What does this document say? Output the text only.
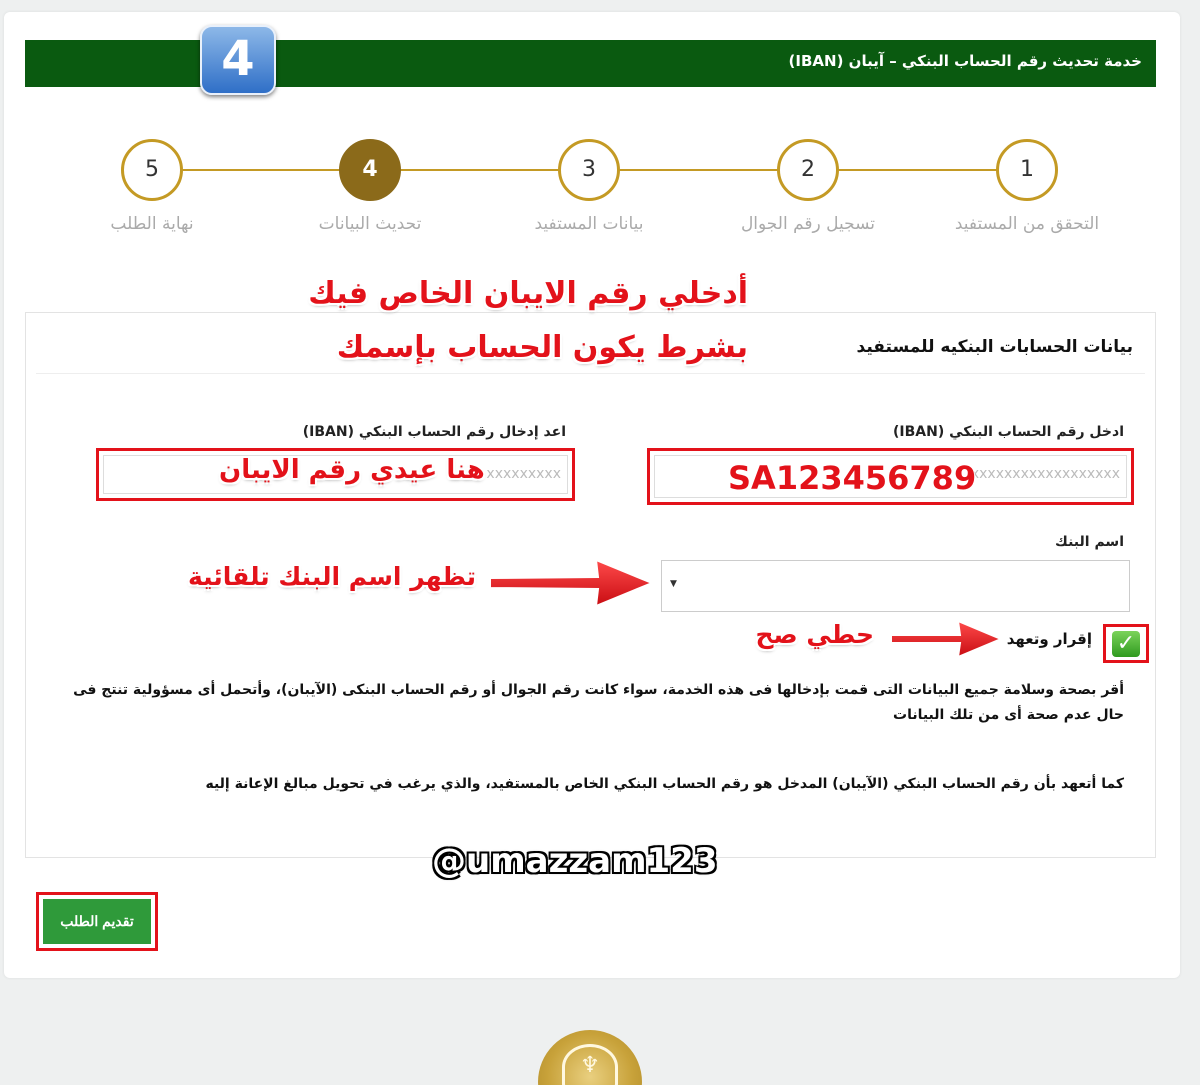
خدمة تحديث رقم الحساب البنكي – آيبان (IBAN)
4
1
التحقق من المستفيد
2
تسجيل رقم الجوال
3
بيانات المستفيد
4
تحديث البيانات
5
نهاية الطلب
بيانات الحسابات البنكيه للمستفيد
أدخلي رقم الايبان الخاص فيك
بشرط يكون الحساب بإسمك
ادخل رقم الحساب البنكي (IBAN)
xxxxxxxxxxxxxxxxxx
SA123456789
اعد إدخال رقم الحساب البنكي (IBAN)
xxxxxxxxx
هنا عيدي رقم الايبان
اسم البنك
▼
تظهر اسم البنك تلقائية
✓
إقرار وتعهد
حطي صح
أقر بصحة وسلامة جميع البيانات التى قمت بإدخالها فى هذه الخدمة، سواء كانت رقم الجوال أو رقم الحساب البنكى (الآيبان)، وأتحمل أى مسؤولية تنتج فى حال عدم صحة أى من تلك البيانات
كما أتعهد بأن رقم الحساب البنكي (الآيبان) المدخل هو رقم الحساب البنكي الخاص بالمستفيد، والذي يرغب في تحويل مبالغ الإعانة إليه
@umazzam123
تقديم الطلب
♆
